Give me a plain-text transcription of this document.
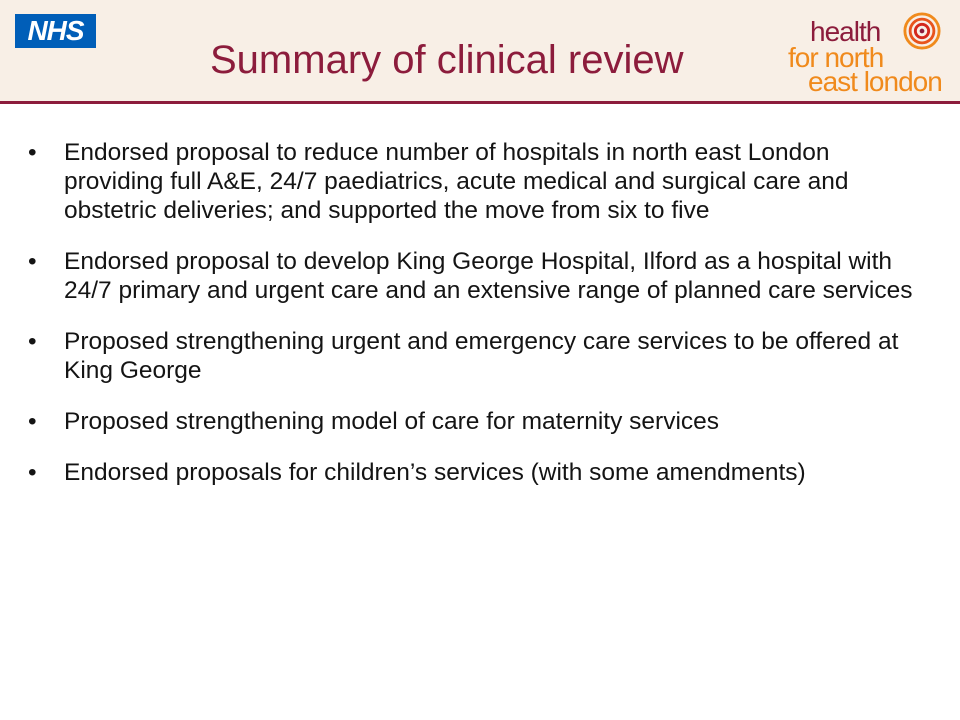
NHS
Summary of clinical review
health
for north
east london
• Endorsed proposal to reduce number of hospitals in north east London providing full A&E, 24/7 paediatrics, acute medical and surgical care and obstetric deliveries; and supported the move from six to five
• Endorsed proposal to develop King George Hospital, Ilford as a hospital with 24/7 primary and urgent care and an extensive range of planned care services
• Proposed strengthening urgent and emergency care services to be offered at King George
• Proposed strengthening model of care for maternity services
• Endorsed proposals for children’s services (with some amendments)
